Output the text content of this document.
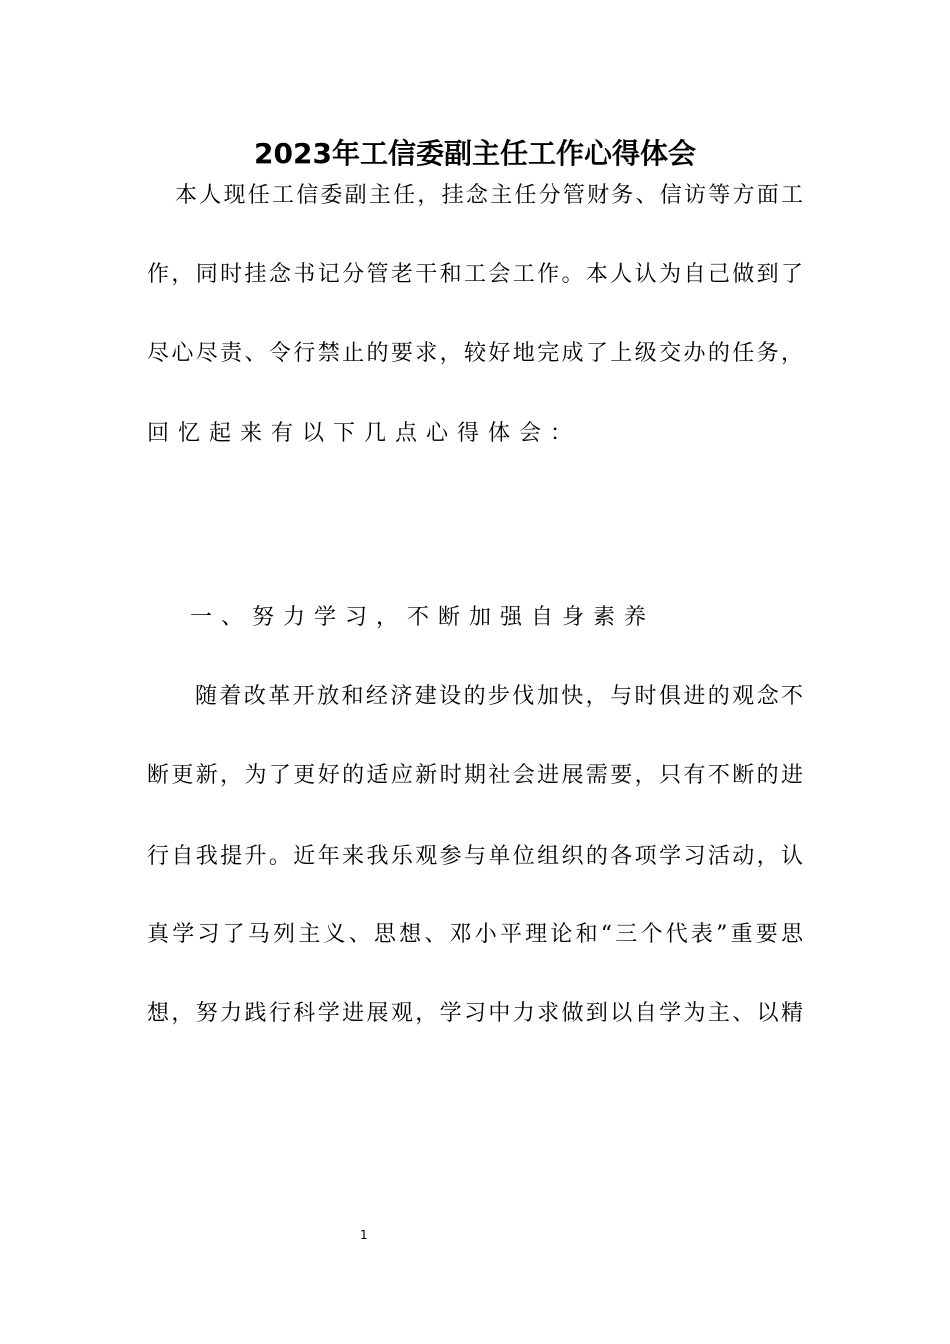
2023年工信委副主任工作心得体会
本人现任工信委副主任，挂念主任分管财务、信访等方面工
作，同时挂念书记分管老干和工会工作。本人认为自己做到了
尽心尽责、令行禁止的要求，较好地完成了上级交办的任务，
回忆起来有以下几点心得体会：
一、努力学习，不断加强自身素养
随着改革开放和经济建设的步伐加快，与时俱进的观念不
断更新，为了更好的适应新时期社会进展需要，只有不断的进
行自我提升。近年来我乐观参与单位组织的各项学习活动，认
真学习了马列主义、思想、邓小平理论和“三个代表”重要思
想，努力践行科学进展观，学习中力求做到以自学为主、以精
1
